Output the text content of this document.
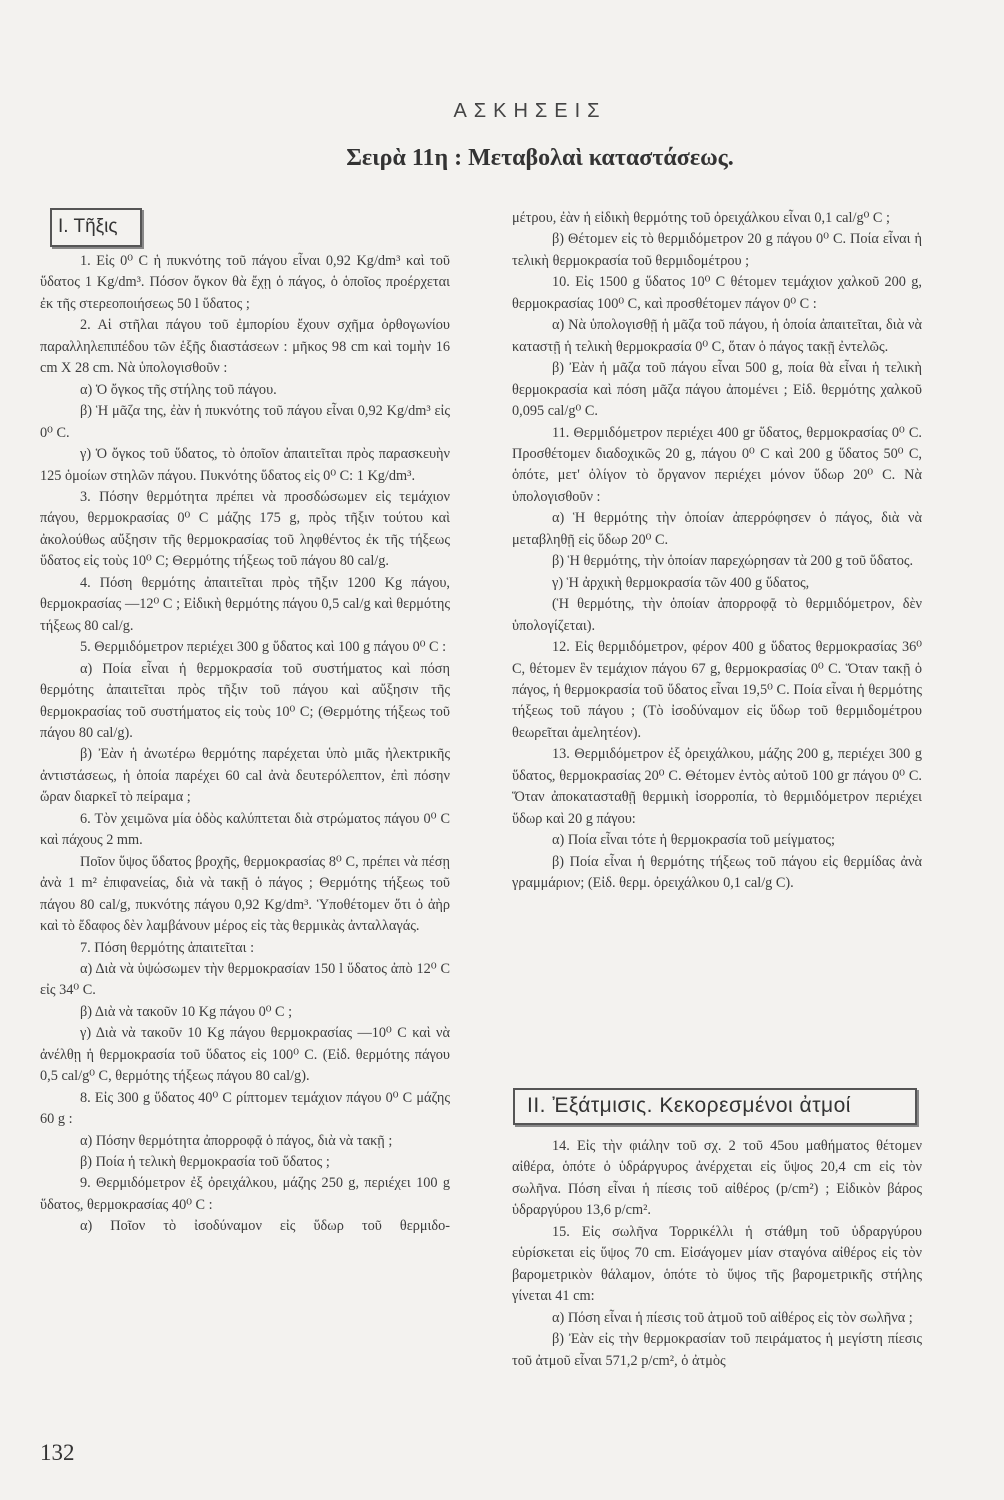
ΑΣΚΗΣΕΙΣ
Σειρὰ 11η : Μεταβολαὶ καταστάσεως.
Ι. Τῆξις

1. Εἰς 0⁰ C ἡ πυκνότης τοῦ πάγου εἶναι 0,92 Kg/dm³ καὶ τοῦ ὕδατος 1 Kg/dm³. Πόσον ὄγκον θὰ ἔχῃ ὁ πάγος, ὁ ὁποῖος προέρχεται ἐκ τῆς στερεοποιήσεως 50 l ὕδατος ;

2. Αἱ στῆλαι πάγου τοῦ ἐμπορίου ἔχουν σχῆμα ὀρθογωνίου παραλληλεπιπέδου τῶν ἑξῆς διαστάσεων : μῆκος 98 cm καὶ τομὴν 16 cm X 28 cm. Νὰ ὑπολογισθοῦν :

α) Ὁ ὄγκος τῆς στήλης τοῦ πάγου.

β) Ἡ μᾶζα της, ἐὰν ἡ πυκνότης τοῦ πάγου εἶναι 0,92 Kg/dm³ εἰς 0⁰ C.

γ) Ὁ ὄγκος τοῦ ὕδατος, τὸ ὁποῖον ἀπαιτεῖται πρὸς παρασκευὴν 125 ὁμοίων στηλῶν πάγου. Πυκνότης ὕδατος εἰς 0⁰ C: 1 Kg/dm³.

3. Πόσην θερμότητα πρέπει νὰ προσδώσωμεν εἰς τεμάχιον πάγου, θερμοκρασίας 0⁰ C μάζης 175 g, πρὸς τῆξιν τούτου καὶ ἀκολούθως αὔξησιν τῆς θερμοκρασίας τοῦ ληφθέντος ἐκ τῆς τήξεως ὕδατος εἰς τοὺς 10⁰ C; Θερμότης τήξεως τοῦ πάγου 80 cal/g.

4. Πόση θερμότης ἀπαιτεῖται πρὸς τῆξιν 1200 Kg πάγου, θερμοκρασίας —12⁰ C ; Εἰδικὴ θερμότης πάγου 0,5 cal/g καὶ θερμότης τήξεως 80 cal/g.

5. Θερμιδόμετρον περιέχει 300 g ὕδατος καὶ 100 g πάγου 0⁰ C :

α) Ποία εἶναι ἡ θερμοκρασία τοῦ συστήματος καὶ πόση θερμότης ἀπαιτεῖται πρὸς τῆξιν τοῦ πάγου καὶ αὔξησιν τῆς θερμοκρασίας τοῦ συστήματος εἰς τοὺς 10⁰ C; (Θερμότης τήξεως τοῦ πάγου 80 cal/g).

β) Ἐὰν ἡ ἀνωτέρω θερμότης παρέχεται ὑπὸ μιᾶς ἠλεκτρικῆς ἀντιστάσεως, ἡ ὁποία παρέχει 60 cal ἀνὰ δευτερόλεπτον, ἐπὶ πόσην ὥραν διαρκεῖ τὸ πείραμα ;

6. Τὸν χειμῶνα μία ὁδὸς καλύπτεται διὰ στρώματος πάγου 0⁰ C καὶ πάχους 2 mm.

Ποῖον ὕψος ὕδατος βροχῆς, θερμοκρασίας 8⁰ C, πρέπει νὰ πέσῃ ἀνὰ 1 m² ἐπιφανείας, διὰ νὰ τακῇ ὁ πάγος ; Θερμότης τήξεως τοῦ πάγου 80 cal/g, πυκνότης πάγου 0,92 Kg/dm³. Ὑποθέτομεν ὅτι ὁ ἀὴρ καὶ τὸ ἔδαφος δὲν λαμβάνουν μέρος εἰς τὰς θερμικὰς ἀνταλλαγάς.

7. Πόση θερμότης ἀπαιτεῖται :

α) Διὰ νὰ ὑψώσωμεν τὴν θερμοκρασίαν 150 l ὕδατος ἀπὸ 12⁰ C εἰς 34⁰ C.

β) Διὰ νὰ τακοῦν 10 Kg πάγου 0⁰ C ;

γ) Διὰ νὰ τακοῦν 10 Kg πάγου θερμοκρασίας —10⁰ C καὶ νὰ ἀνέλθῃ ἡ θερμοκρασία τοῦ ὕδατος εἰς 100⁰ C. (Εἰδ. θερμότης πάγου 0,5 cal/g⁰ C, θερμότης τήξεως πάγου 80 cal/g).

8. Εἰς 300 g ὕδατος 40⁰ C ρίπτομεν τεμάχιον πάγου 0⁰ C μάζης 60 g :

α) Πόσην θερμότητα ἀπορροφᾷ ὁ πάγος, διὰ νὰ τακῇ ;

β) Ποία ἡ τελικὴ θερμοκρασία τοῦ ὕδατος ;

9. Θερμιδόμετρον ἐξ ὀρειχάλκου, μάζης 250 g, περιέχει 100 g ὕδατος, θερμοκρασίας 40⁰ C :

α) Ποῖον τὸ ἰσοδύναμον εἰς ὕδωρ τοῦ θερμιδο-

μέτρου, ἐὰν ἡ εἰδικὴ θερμότης τοῦ ὀρειχάλκου εἶναι 0,1 cal/g⁰ C ;

β) Θέτομεν εἰς τὸ θερμιδόμετρον 20 g πάγου 0⁰ C. Ποία εἶναι ἡ τελικὴ θερμοκρασία τοῦ θερμιδομέτρου ;

10. Εἰς 1500 g ὕδατος 10⁰ C θέτομεν τεμάχιον χαλκοῦ 200 g, θερμοκρασίας 100⁰ C, καὶ προσθέτομεν πάγον 0⁰ C :

α) Νὰ ὑπολογισθῇ ἡ μᾶζα τοῦ πάγου, ἡ ὁποία ἀπαιτεῖται, διὰ νὰ καταστῇ ἡ τελικὴ θερμοκρασία 0⁰ C, ὅταν ὁ πάγος τακῇ ἐντελῶς.

β) Ἐὰν ἡ μᾶζα τοῦ πάγου εἶναι 500 g, ποία θὰ εἶναι ἡ τελικὴ θερμοκρασία καὶ πόση μᾶζα πάγου ἀπομένει ; Εἰδ. θερμότης χαλκοῦ 0,095 cal/g⁰ C.

11. Θερμιδόμετρον περιέχει 400 gr ὕδατος, θερμοκρασίας 0⁰ C. Προσθέτομεν διαδοχικῶς 20 g, πάγου 0⁰ C καὶ 200 g ὕδατος 50⁰ C, ὁπότε, μετ' ὀλίγον τὸ ὄργανον περιέχει μόνον ὕδωρ 20⁰ C. Νὰ ὑπολογισθοῦν :

α) Ἡ θερμότης τὴν ὁποίαν ἀπερρόφησεν ὁ πάγος, διὰ νὰ μεταβληθῇ εἰς ὕδωρ 20⁰ C.

β) Ἡ θερμότης, τὴν ὁποίαν παρεχώρησαν τὰ 200 g τοῦ ὕδατος.

γ) Ἡ ἀρχικὴ θερμοκρασία τῶν 400 g ὕδατος,

(Ἡ θερμότης, τὴν ὁποίαν ἀπορροφᾷ τὸ θερμιδόμετρον, δὲν ὑπολογίζεται).

12. Εἰς θερμιδόμετρον, φέρον 400 g ὕδατος θερμοκρασίας 36⁰ C, θέτομεν ἓν τεμάχιον πάγου 67 g, θερμοκρασίας 0⁰ C. Ὅταν τακῇ ὁ πάγος, ἡ θερμοκρασία τοῦ ὕδατος εἶναι 19,5⁰ C. Ποία εἶναι ἡ θερμότης τήξεως τοῦ πάγου ; (Τὸ ἰσοδύναμον εἰς ὕδωρ τοῦ θερμιδομέτρου θεωρεῖται ἀμελητέον).

13. Θερμιδόμετρον ἐξ ὀρειχάλκου, μάζης 200 g, περιέχει 300 g ὕδατος, θερμοκρασίας 20⁰ C. Θέτομεν ἐντὸς αὐτοῦ 100 gr πάγου 0⁰ C. Ὅταν ἀποκατασταθῇ θερμικὴ ἰσορροπία, τὸ θερμιδόμετρον περιέχει ὕδωρ καὶ 20 g πάγου:

α) Ποία εἶναι τότε ἡ θερμοκρασία τοῦ μείγματος;

β) Ποία εἶναι ἡ θερμότης τήξεως τοῦ πάγου εἰς θερμίδας ἀνὰ γραμμάριον; (Εἰδ. θερμ. ὀρειχάλκου 0,1 cal/g C).

ΙΙ. Ἐξάτμισις. Κεκορεσμένοι ἀτμοί

14. Εἰς τὴν φιάλην τοῦ σχ. 2 τοῦ 45ου μαθήματος θέτομεν αἰθέρα, ὁπότε ὁ ὑδράργυρος ἀνέρχεται εἰς ὕψος 20,4 cm εἰς τὸν σωλῆνα. Πόση εἶναι ἡ πίεσις τοῦ αἰθέρος (p/cm²) ; Εἰδικὸν βάρος ὑδραργύρου 13,6 p/cm².

15. Εἰς σωλῆνα Τορρικέλλι ἡ στάθμη τοῦ ὑδραργύρου εὑρίσκεται εἰς ὕψος 70 cm. Εἰσάγομεν μίαν σταγόνα αἰθέρος εἰς τὸν βαρομετρικὸν θάλαμον, ὁπότε τὸ ὕψος τῆς βαρομετρικῆς στήλης γίνεται 41 cm:

α) Πόση εἶναι ἡ πίεσις τοῦ ἀτμοῦ τοῦ αἰθέρος εἰς τὸν σωλῆνα ;

β) Ἐὰν εἰς τὴν θερμοκρασίαν τοῦ πειράματος ἡ μεγίστη πίεσις τοῦ ἀτμοῦ εἶναι 571,2 p/cm², ὁ ἀτμὸς

132
